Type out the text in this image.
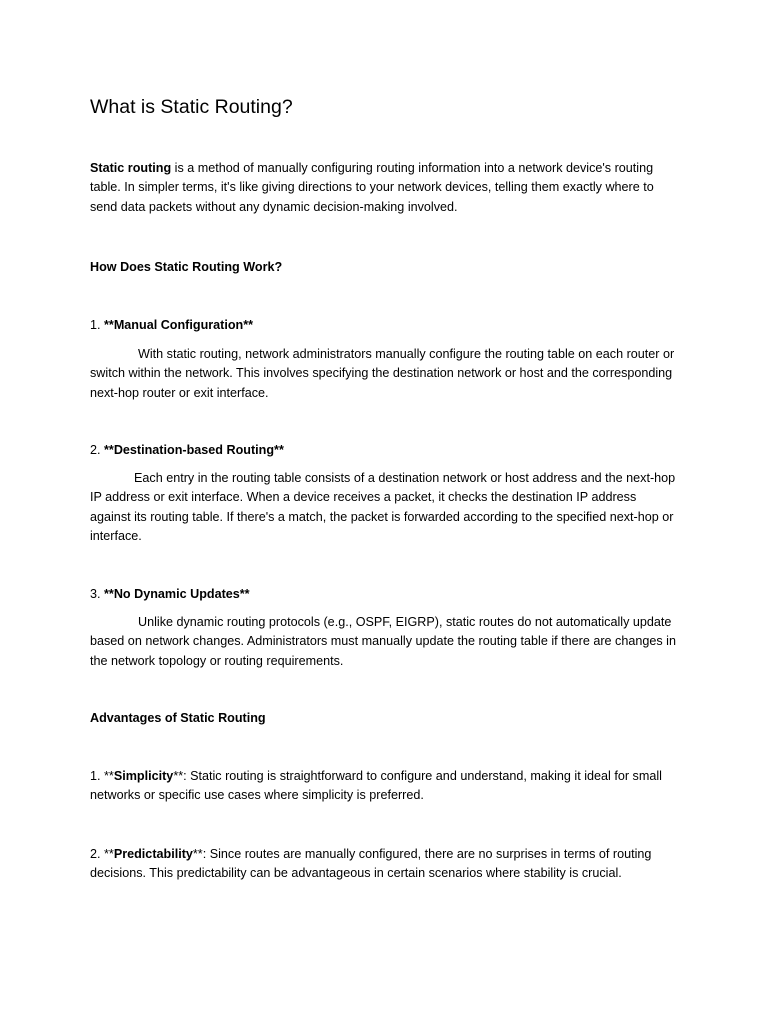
What is Static Routing?

Static routing is a method of manually configuring routing information into a network device's routing table. In simpler terms, it's like giving directions to your network devices, telling them exactly where to send data packets without any dynamic decision-making involved.

How Does Static Routing Work?

1. **Manual Configuration**

With static routing, network administrators manually configure the routing table on each router or switch within the network. This involves specifying the destination network or host and the corresponding next-hop router or exit interface.

2. **Destination-based Routing**

Each entry in the routing table consists of a destination network or host address and the next-hop IP address or exit interface. When a device receives a packet, it checks the destination IP address against its routing table. If there's a match, the packet is forwarded according to the specified next-hop or interface.

3. **No Dynamic Updates**

Unlike dynamic routing protocols (e.g., OSPF, EIGRP), static routes do not automatically update based on network changes. Administrators must manually update the routing table if there are changes in the network topology or routing requirements.

Advantages of Static Routing

1. **Simplicity**: Static routing is straightforward to configure and understand, making it ideal for small networks or specific use cases where simplicity is preferred.

2. **Predictability**: Since routes are manually configured, there are no surprises in terms of routing decisions. This predictability can be advantageous in certain scenarios where stability is crucial.
